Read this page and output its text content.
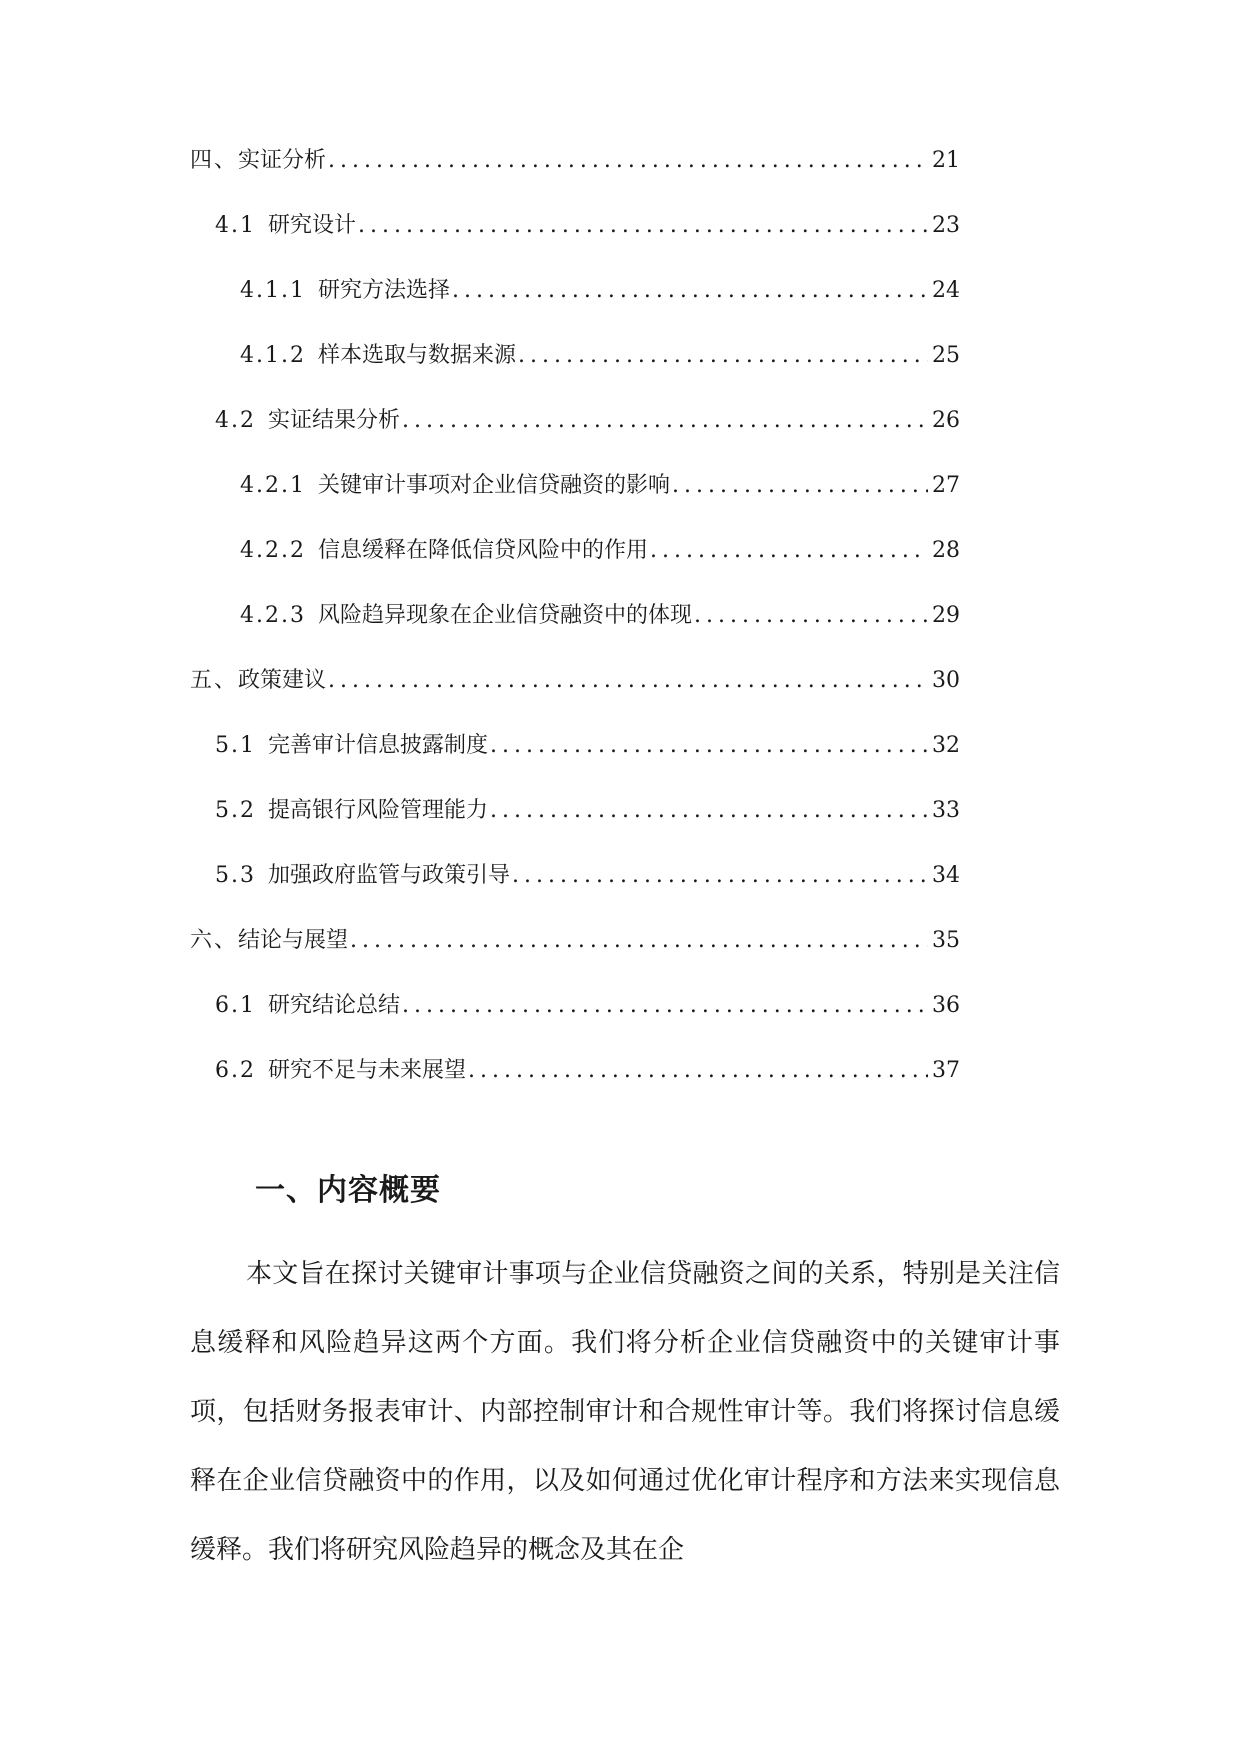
四、 实证分析 .....	21
4.1 研究设计 .....	23
4.1.1 研究方法选择 .....	24
4.1.2 样本选取与数据来源 .....	25
4.2 实证结果分析 .....	26
4.2.1 关键审计事项对企业信贷融资的影响 .....	27
4.2.2 信息缓释在降低信贷风险中的作用 .....	28
4.2.3 风险趋异现象在企业信贷融资中的体现 .....	29
五、 政策建议 .....	30
5.1 完善审计信息披露制度 .....	32
5.2 提高银行风险管理能力 .....	33
5.3 加强政府监管与政策引导 .....	34
六、 结论与展望 .....	35
6.1 研究结论总结 .....	36
6.2 研究不足与未来展望 .....	37
一、内容概要

本文旨在探讨关键审计事项与企业信贷融资之间的关系，特别是关注信息缓释和风险趋异这两个方面。我们将分析企业信贷融资中的关键审计事项，包括财务报表审计、内部控制审计和合规性审计等。我们将探讨信息缓释在企业信贷融资中的作用，以及如何通过优化审计程序和方法来实现信息缓释。我们将研究风险趋异的概念及其在企
